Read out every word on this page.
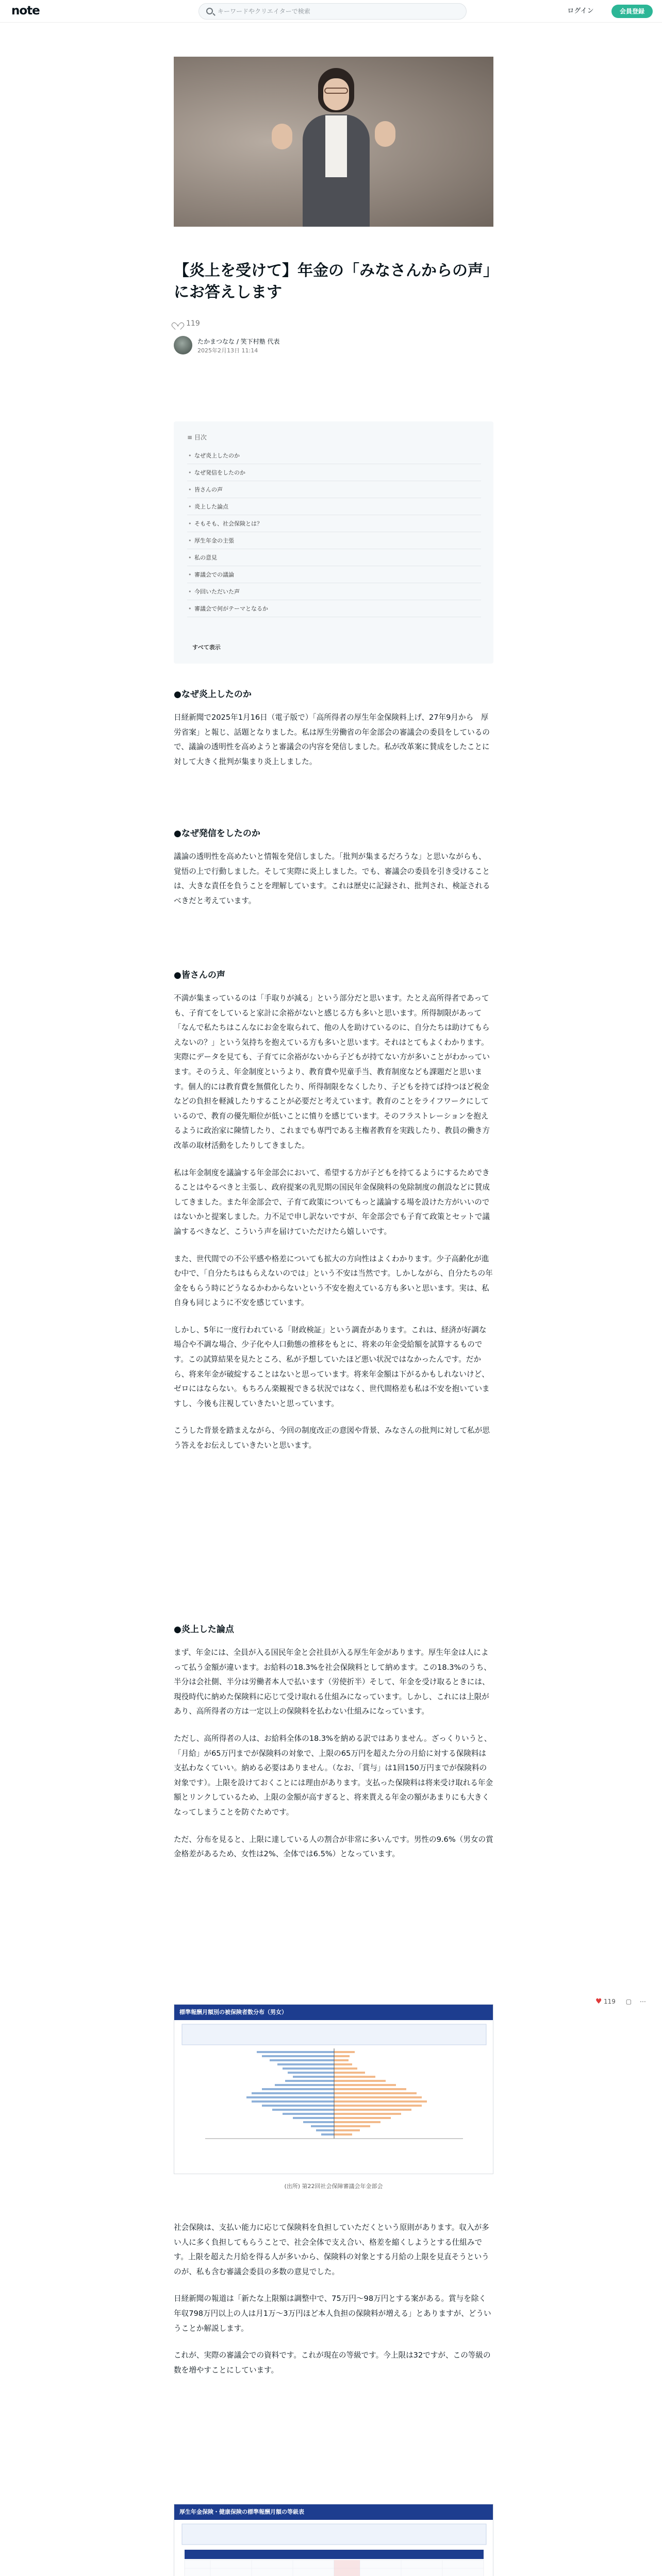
note
キーワードやクリエイターで検索	ログイン	会員登録
【炎上を受けて】年金の「みなさんからの声」にお答えします
119
たかまつなな / 笑下村塾 代表
2025年2月13日 11:14
≡ 目次
• なぜ炎上したのか
• なぜ発信をしたのか
• 皆さんの声
• 炎上した論点
• そもそも、社会保険とは？
• 厚生年金の主張
• 私の意見
• 審議会での議論
• 今回いただいた声
• 審議会で何がテーマとなるか
すべて表示
●なぜ炎上したのか

日経新聞で2025年1月16日（電子版で）「高所得者の厚生年金保険料上げ、27年9月から　厚労省案」と報じ、話題となりました。私は厚生労働省の年金部会の審議会の委員をしているので、議論の透明性を高めようと審議会の内容を発信しました。私が改革案に賛成をしたことに対して大きく批判が集まり炎上しました。

●なぜ発信をしたのか

議論の透明性を高めたいと情報を発信しました。「批判が集まるだろうな」と思いながらも、覚悟の上で行動しました。そして実際に炎上しました。でも、審議会の委員を引き受けることは、大きな責任を負うことを理解しています。これは歴史に記録され、批判され、検証されるべきだと考えています。

●皆さんの声

不満が集まっているのは「手取りが減る」という部分だと思います。たとえ高所得者であっても、子育てをしていると家計に余裕がないと感じる方も多いと思います。所得制限があって「なんで私たちはこんなにお金を取られて、他の人を助けているのに、自分たちは助けてもらえないの？」という気持ちを抱えている方も多いと思います。それはとてもよくわかります。実際にデータを見ても、子育てに余裕がないから子どもが持てない方が多いことがわかっています。そのうえ、年金制度というより、教育費や児童手当、教育制度なども課題だと思います。個人的には教育費を無償化したり、所得制限をなくしたり、子どもを持てば持つほど税金などの負担を軽減したりすることが必要だと考えています。教育のことをライフワークにしているので、教育の優先順位が低いことに憤りを感じています。そのフラストレーションを抱えるように政治家に陳情したり、これまでも専門である主権者教育を実践したり、教員の働き方改革の取材活動をしたりしてきました。

私は年金制度を議論する年金部会において、希望する方が子どもを持てるようにするためできることはやるべきと主張し、政府提案の乳児期の国民年金保険料の免除制度の創設などに賛成してきました。また年金部会で、子育て政策についてもっと議論する場を設けた方がいいのではないかと提案しました。力不足で申し訳ないですが、年金部会でも子育て政策とセットで議論するべきなど、こういう声を届けていただけたら嬉しいです。

また、世代間での不公平感や格差についても拡大の方向性はよくわかります。少子高齢化が進む中で、「自分たちはもらえないのでは」という不安は当然です。しかしながら、自分たちの年金をもらう時にどうなるかわからないという不安を抱えている方も多いと思います。実は、私自身も同じように不安を感じています。

しかし、5年に一度行われている「財政検証」という調査があります。これは、経済が好調な場合や不調な場合、少子化や人口動態の推移をもとに、将来の年金受給額を試算するものです。この試算結果を見たところ、私が予想していたほど悪い状況ではなかったんです。だから、将来年金が破綻することはないと思っています。将来年金額は下がるかもしれないけど、ゼロにはならない。もちろん楽観視できる状況ではなく、世代間格差も私は不安を抱いていますし、今後も注視していきたいと思っています。

こうした背景を踏まえながら、今回の制度改正の意図や背景、みなさんの批判に対して私が思う答えをお伝えしていきたいと思います。

●炎上した論点

まず、年金には、全員が入る国民年金と会社員が入る厚生年金があります。厚生年金は人によって払う金額が違います。お給料の18.3%を社会保険料として納めます。この18.3%のうち、半分は会社側、半分は労働者本人で払います（労使折半）そして、年金を受け取るときには、現役時代に納めた保険料に応じて受け取れる仕組みになっています。しかし、これには上限があり、高所得者の方は一定以上の保険料を払わない仕組みになっています。

ただし、高所得者の人は、お給料全体の18.3%を納める訳ではありません。ざっくりいうと、「月給」が65万円までが保険料の対象で、上限の65万円を超えた分の月給に対する保険料は支払わなくていい。納める必要はありません。（なお、「賞与」は1回150万円までが保険料の対象です）。上限を設けておくことには理由があります。支払った保険料は将来受け取れる年金額とリンクしているため、上限の金額が高すぎると、将来貰える年金の額があまりにも大きくなってしまうことを防ぐためです。

ただ、分布を見ると、上限に達している人の割合が非常に多いんです。男性の9.6%（男女の賞金格差があるため、女性は2%、全体では6.5%）となっています。

標準報酬月額別の被保険者数分布（男女）
(出所) 第22回社会保障審議会年金部会

社会保険は、支払い能力に応じて保険料を負担していただくという原則があります。収入が多い人に多く負担してもらうことで、社会全体で支え合い、格差を縮くしようとする仕組みです。上限を超えた月給を得る人が多いから、保険料の対象とする月給の上限を見直そうというのが、私も含む審議会委員の多数の意見でした。

日経新聞の報道は「新たな上限額は調整中で、75万円〜98万円とする案がある。賞与を除く年収798万円以上の人は月1万〜3万円ほど本人負担の保険料が増える」とありますが、どういうことか解説します。

これが、実際の審議会での資料です。これが現在の等級です。今上限は32ですが、この等級の数を増やすことにしています。

厚生年金保険・健康保険の標準報酬月額の等級表

♥ 119 ▢ ⋯
